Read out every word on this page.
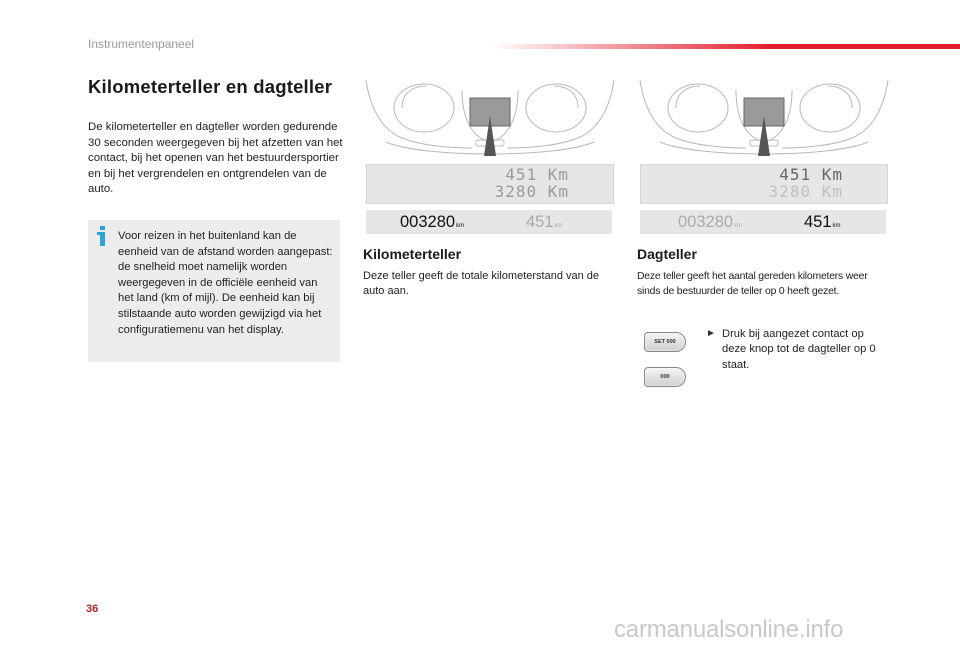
Instrumentenpaneel
Kilometerteller en dagteller
De kilometerteller en dagteller worden gedurende 30 seconden weergegeven bij het afzetten van het contact, bij het openen van het bestuurdersportier en bij het vergrendelen en ontgrendelen van de auto.
Voor reizen in het buitenland kan de eenheid van de afstand worden aangepast: de snelheid moet namelijk worden weergegeven in de officiële eenheid van het land (km of mijl). De eenheid kan bij stilstaande auto worden gewijzigd via het configuratiemenu van het display.
451 Km
3280 Km
003280km	451km
Kilometerteller
Deze teller geeft de totale kilometerstand van de auto aan.
451 Km
3280 Km
003280km	451km
Dagteller
Deze teller geeft het aantal gereden kilometers weer sinds de bestuurder de teller op 0 heeft gezet.
SET 000
000
► Druk bij aangezet contact op deze knop tot de dagteller op 0 staat.
36
carmanualsonline.info
